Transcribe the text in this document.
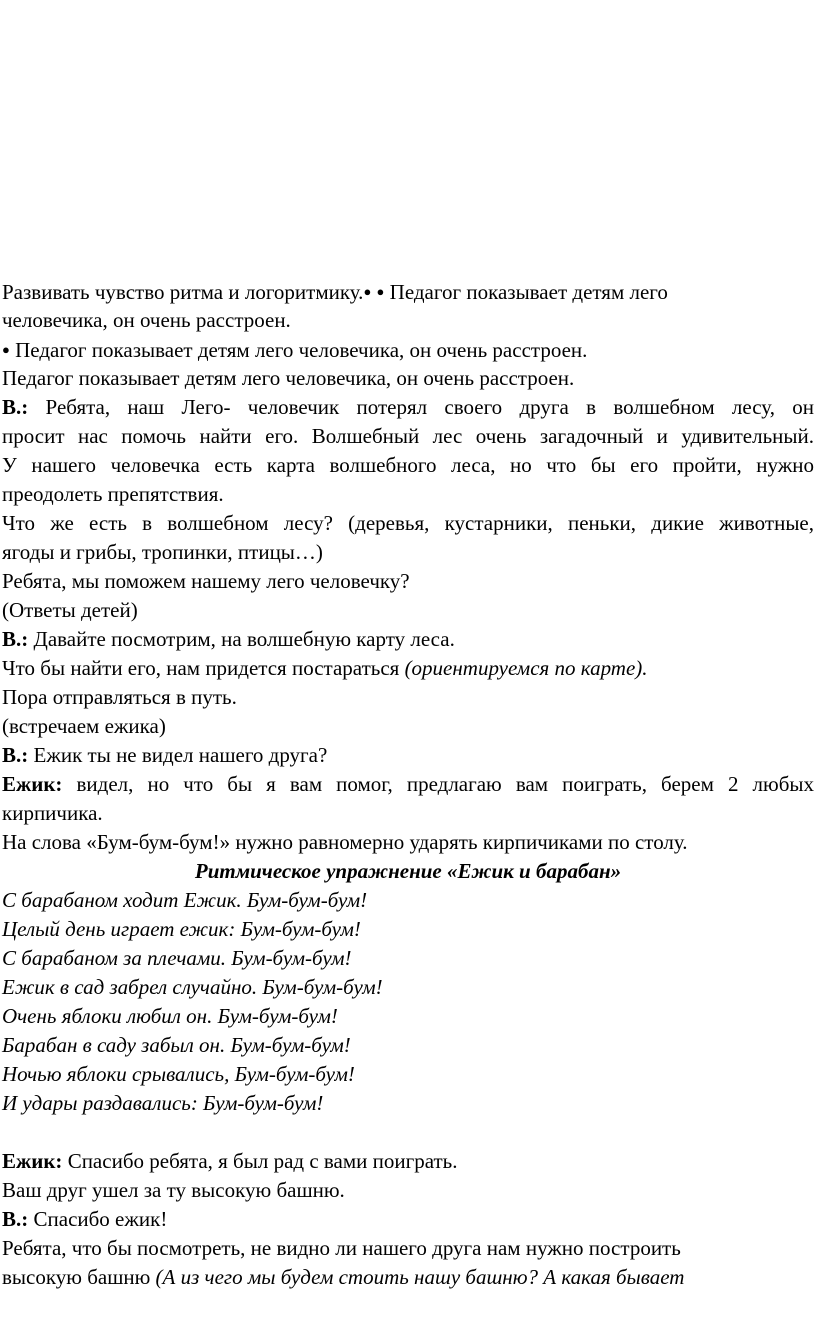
Развивать чувство ритма и логоритмику.● ● Педагог показывает детям лего
человечика, он очень расстроен.
● Педагог показывает детям лего человечика, он очень расстроен.
Педагог показывает детям лего человечика, он очень расстроен.
В.: Ребята, наш Лего- человечик потерял своего друга в волшебном лесу, он
просит нас помочь найти его. Волшебный лес очень загадочный и удивительный.
У нашего человечка есть карта волшебного леса, но что бы его пройти, нужно
преодолеть препятствия.
Что же есть в волшебном лесу? (деревья, кустарники, пеньки, дикие животные,
ягоды и грибы, тропинки, птицы…)
Ребята, мы поможем нашему лего человечку?
(Ответы детей)
В.: Давайте посмотрим, на волшебную карту леса.
Что бы найти его, нам придется постараться (ориентируемся по карте).
Пора отправляться в путь.
(встречаем ежика)
В.: Ежик ты не видел нашего друга?
Ежик: видел, но что бы я вам помог, предлагаю вам поиграть, берем 2 любых
кирпичика.
На слова «Бум-бум-бум!» нужно равномерно ударять кирпичиками по столу.
Ритмическое упражнение «Ежик и барабан»
С барабаном ходит Ежик. Бум-бум-бум!
Целый день играет ежик: Бум-бум-бум!
С барабаном за плечами. Бум-бум-бум!
Ежик в сад забрел случайно. Бум-бум-бум!
Очень яблоки любил он. Бум-бум-бум!
Барабан в саду забыл он. Бум-бум-бум!
Ночью яблоки срывались, Бум-бум-бум!
И удары раздавались: Бум-бум-бум!
Ежик: Спасибо ребята, я был рад с вами поиграть.
Ваш друг ушел за ту высокую башню.
В.: Спасибо ежик!
Ребята, что бы посмотреть, не видно ли нашего друга нам нужно построить
высокую башню (А из чего мы будем стоить нашу башню? А какая бывает
